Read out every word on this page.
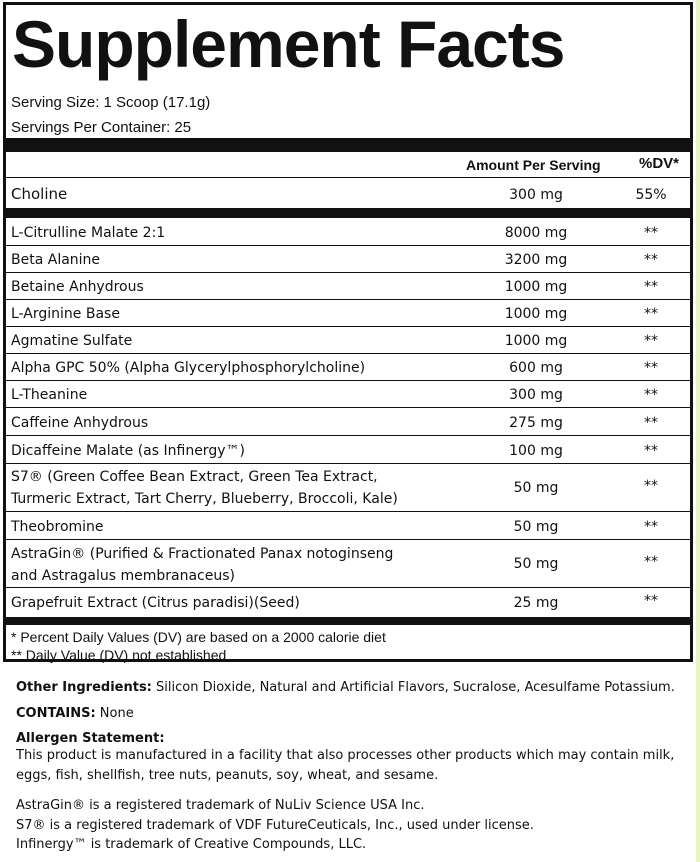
Supplement Facts
Serving Size: 1 Scoop (17.1g)
Servings Per Container: 25
Amount Per Serving	%DV*
Choline	300 mg	55%
L-Citrulline Malate 2:1	8000 mg	**
Beta Alanine	3200 mg	**
Betaine Anhydrous	1000 mg	**
L-Arginine Base	1000 mg	**
Agmatine Sulfate	1000 mg	**
Alpha GPC 50% (Alpha Glycerylphosphorylcholine)	600 mg	**
L-Theanine	300 mg	**
Caffeine Anhydrous	275 mg	**
Dicaffeine Malate (as Infinergy™)	100 mg	**
S7® (Green Coffee Bean Extract, Green Tea Extract,
Turmeric Extract, Tart Cherry, Blueberry, Broccoli, Kale)
50 mg	**
Theobromine	50 mg	**
AstraGin® (Purified & Fractionated Panax notoginseng
and Astragalus membranaceus)
50 mg	**
Grapefruit Extract (Citrus paradisi)(Seed)	25 mg	**
* Percent Daily Values (DV) are based on a 2000 calorie diet
** Daily Value (DV) not established
Other Ingredients: Silicon Dioxide, Natural and Artificial Flavors, Sucralose, Acesulfame Potassium.
CONTAINS: None
Allergen Statement:
This product is manufactured in a facility that also processes other products which may contain milk,
eggs, fish, shellfish, tree nuts, peanuts, soy, wheat, and sesame.
AstraGin® is a registered trademark of NuLiv Science USA Inc.
S7® is a registered trademark of VDF FutureCeuticals, Inc., used under license.
Infinergy™ is trademark of Creative Compounds, LLC.
